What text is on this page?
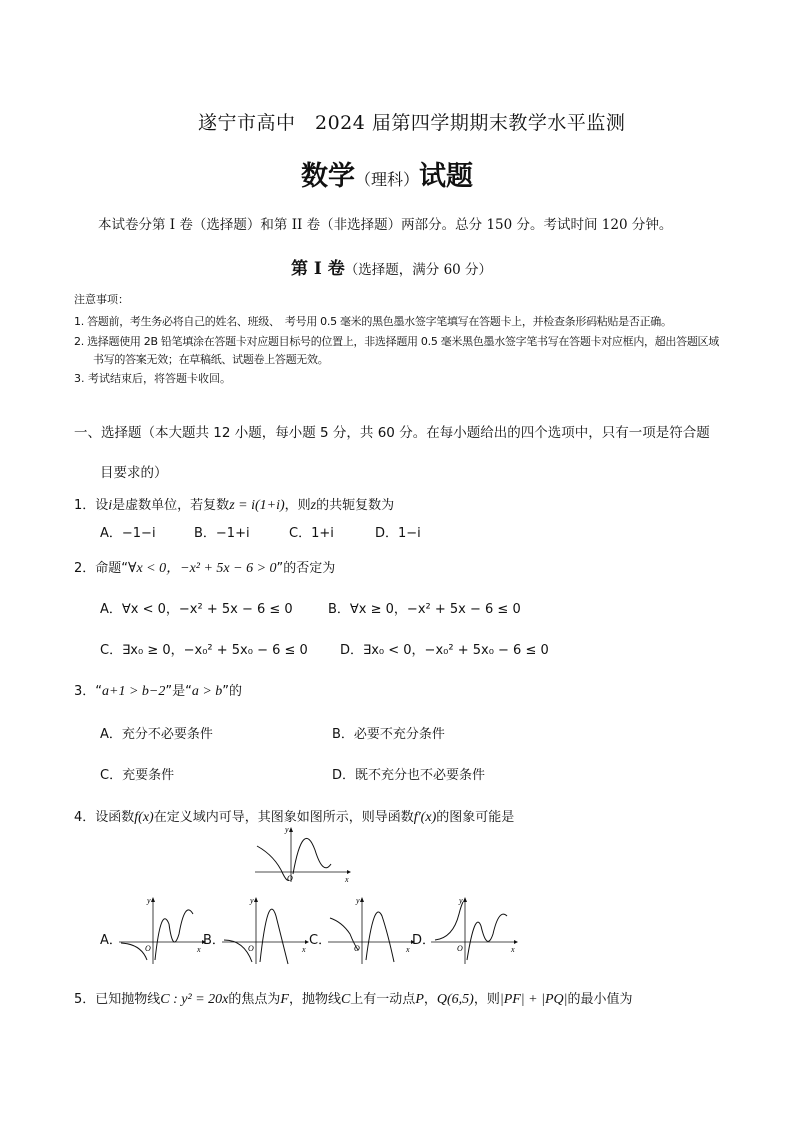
遂宁市高中　2024 届第四学期期末教学水平监测
数学（理科）试题
本试卷分第 I 卷（选择题）和第 II 卷（非选择题）两部分。总分 150 分。考试时间 120 分钟。
第 I 卷（选择题，满分 60 分）
注意事项：
1. 答题前，考生务必将自己的姓名、班级、　考号用 0.5 毫米的黑色墨水签字笔填写在答题卡上，并检查条形码粘贴是否正确。
2. 选择题使用 2B 铅笔填涂在答题卡对应题目标号的位置上，非选择题用 0.5 毫米黑色墨水签字笔书写在答题卡对应框内，超出答题区域
书写的答案无效；在草稿纸、试题卷上答题无效。
3. 考试结束后，将答题卡收回。
一、选择题（本大题共 12 小题，每小题 5 分，共 60 分。在每小题给出的四个选项中，只有一项是符合题
目要求的）
1．设i是虚数单位，若复数z = i(1+i)，则z的共轭复数为
A．−1−i	B．−1+i	C．1+i	D．1−i
2．命题“∀x < 0，−x² + 5x − 6 > 0”的否定为
A．∀x < 0，−x² + 5x − 6 ≤ 0	B．∀x ≥ 0，−x² + 5x − 6 ≤ 0
C．∃x₀ ≥ 0，−x₀² + 5x₀ − 6 ≤ 0 D．∃x₀ < 0，−x₀² + 5x₀ − 6 ≤ 0
3．“a+1 > b−2”是“a > b”的
A．充分不必要条件	B．必要不充分条件
C．充要条件	D．既不充分也不必要条件
4．设函数f(x)在定义域内可导，其图象如图所示，则导函数f′(x)的图象可能是
y
x
O
A．
y
x
O
B．
y
x
O
C．
y
x
O
D．
y
x
O
5．已知抛物线C : y² = 20x的焦点为F，抛物线C上有一动点P，Q(6,5)，则|PF| + |PQ|的最小值为
